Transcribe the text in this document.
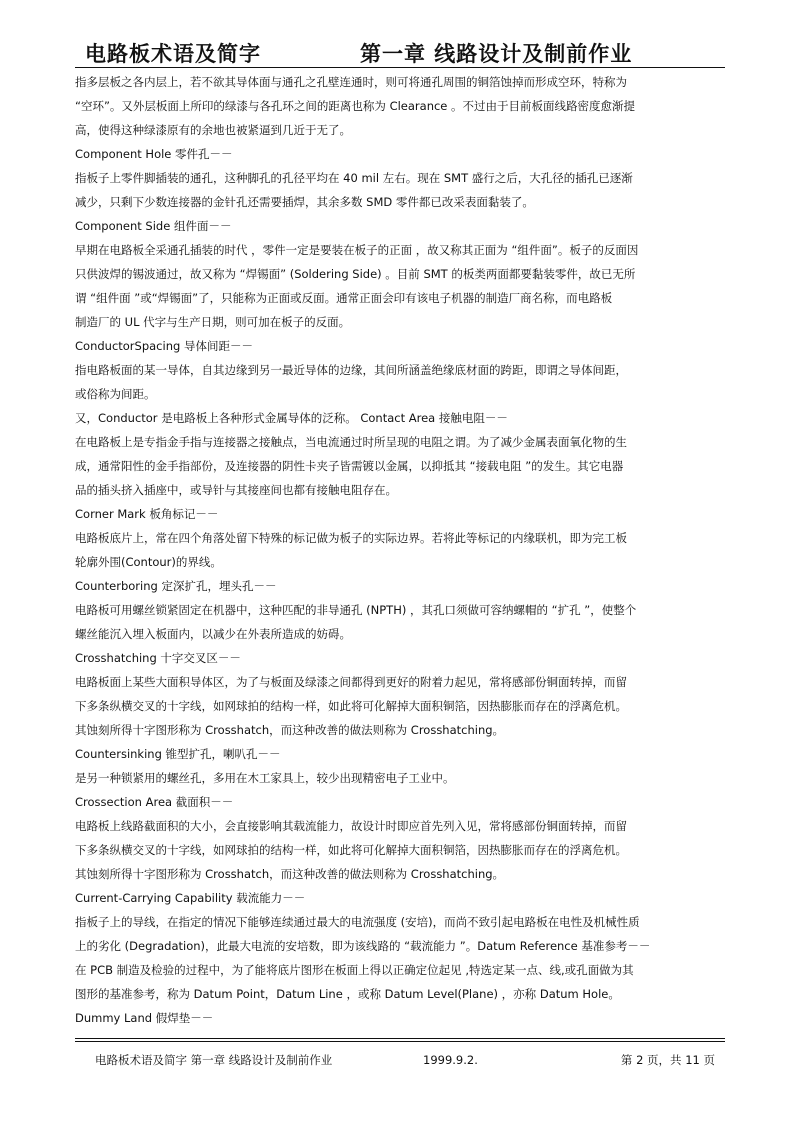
电路板术语及简字	第一章 线路设计及制前作业
指多层板之各内层上，若不欲其导体面与通孔之孔壁连通时，则可将通孔周围的铜箔蚀掉而形成空环，特称为
“空环”。又外层板面上所印的绿漆与各孔环之间的距离也称为 Clearance 。不过由于目前板面线路密度愈渐提
高，使得这种绿漆原有的余地也被紧逼到几近于无了。
Component Hole 零件孔－－
指板子上零件脚插装的通孔，这种脚孔的孔径平均在 40 mil 左右。现在 SMT 盛行之后，大孔径的插孔已逐渐
减少，只剩下少数连接器的金针孔还需要插焊，其余多数 SMD 零件都已改采表面黏装了。
Component Side 组件面－－
早期在电路板全采通孔插装的时代 ，零件一定是要装在板子的正面 ，故又称其正面为 “组件面”。板子的反面因
只供波焊的锡波通过，故又称为 “焊锡面” (Soldering Side) 。目前 SMT 的板类两面都要黏装零件，故已无所
谓 “组件面 ”或“焊锡面”了，只能称为正面或反面。通常正面会印有该电子机器的制造厂商名称，而电路板
制造厂的 UL 代字与生产日期，则可加在板子的反面。
ConductorSpacing 导体间距－－
指电路板面的某一导体，自其边缘到另一最近导体的边缘，其间所涵盖绝缘底材面的跨距，即谓之导体间距，
或俗称为间距。
又，Conductor 是电路板上各种形式金属导体的泛称。 Contact Area 接触电阻－－
在电路板上是专指金手指与连接器之接触点，当电流通过时所呈现的电阻之谓。为了减少金属表面氧化物的生
成，通常阳性的金手指部份，及连接器的阴性卡夹子皆需镀以金属，以抑抵其 “接载电阻 ”的发生。其它电器
品的插头挤入插座中，或导针与其接座间也都有接触电阻存在。
Corner Mark 板角标记－－
电路板底片上，常在四个角落处留下特殊的标记做为板子的实际边界。若将此等标记的内缘联机，即为完工板
轮廓外围(Contour)的界线。
Counterboring 定深扩孔，埋头孔－－
电路板可用螺丝锁紧固定在机器中，这种匹配的非导通孔 (NPTH) ，其孔口须做可容纳螺帽的 “扩孔 ”，使整个
螺丝能沉入埋入板面内，以减少在外表所造成的妨碍。
Crosshatching 十字交叉区－－
电路板面上某些大面积导体区，为了与板面及绿漆之间都得到更好的附着力起见，常将感部份铜面转掉，而留
下多条纵横交叉的十字线，如网球拍的结构一样，如此将可化解掉大面积铜箔，因热膨胀而存在的浮离危机。
其蚀刻所得十字图形称为 Crosshatch，而这种改善的做法则称为 Crosshatching。
Countersinking 锥型扩孔，喇叭孔－－
是另一种锁紧用的螺丝孔，多用在木工家具上，较少出现精密电子工业中。
Crossection Area 截面积－－
电路板上线路截面积的大小，会直接影响其载流能力，故设计时即应首先列入见，常将感部份铜面转掉，而留
下多条纵横交叉的十字线，如网球拍的结构一样，如此将可化解掉大面积铜箔，因热膨胀而存在的浮离危机。
其蚀刻所得十字图形称为 Crosshatch，而这种改善的做法则称为 Crosshatching。
Current-Carrying Capability 载流能力－－
指板子上的导线，在指定的情况下能够连续通过最大的电流强度 (安培)，而尚不致引起电路板在电性及机械性质
上的劣化 (Degradation)，此最大电流的安培数，即为该线路的 “载流能力 ”。Datum Reference 基准参考－－
在 PCB 制造及检验的过程中，为了能将底片图形在板面上得以正确定位起见 ,特选定某一点、线,或孔面做为其
图形的基准参考，称为 Datum Point，Datum Line ，或称 Datum Level(Plane) ，亦称 Datum Hole。
Dummy Land 假焊垫－－
电路板术语及简字 第一章 线路设计及制前作业	1999.9.2.	第 2 页，共 11 页
